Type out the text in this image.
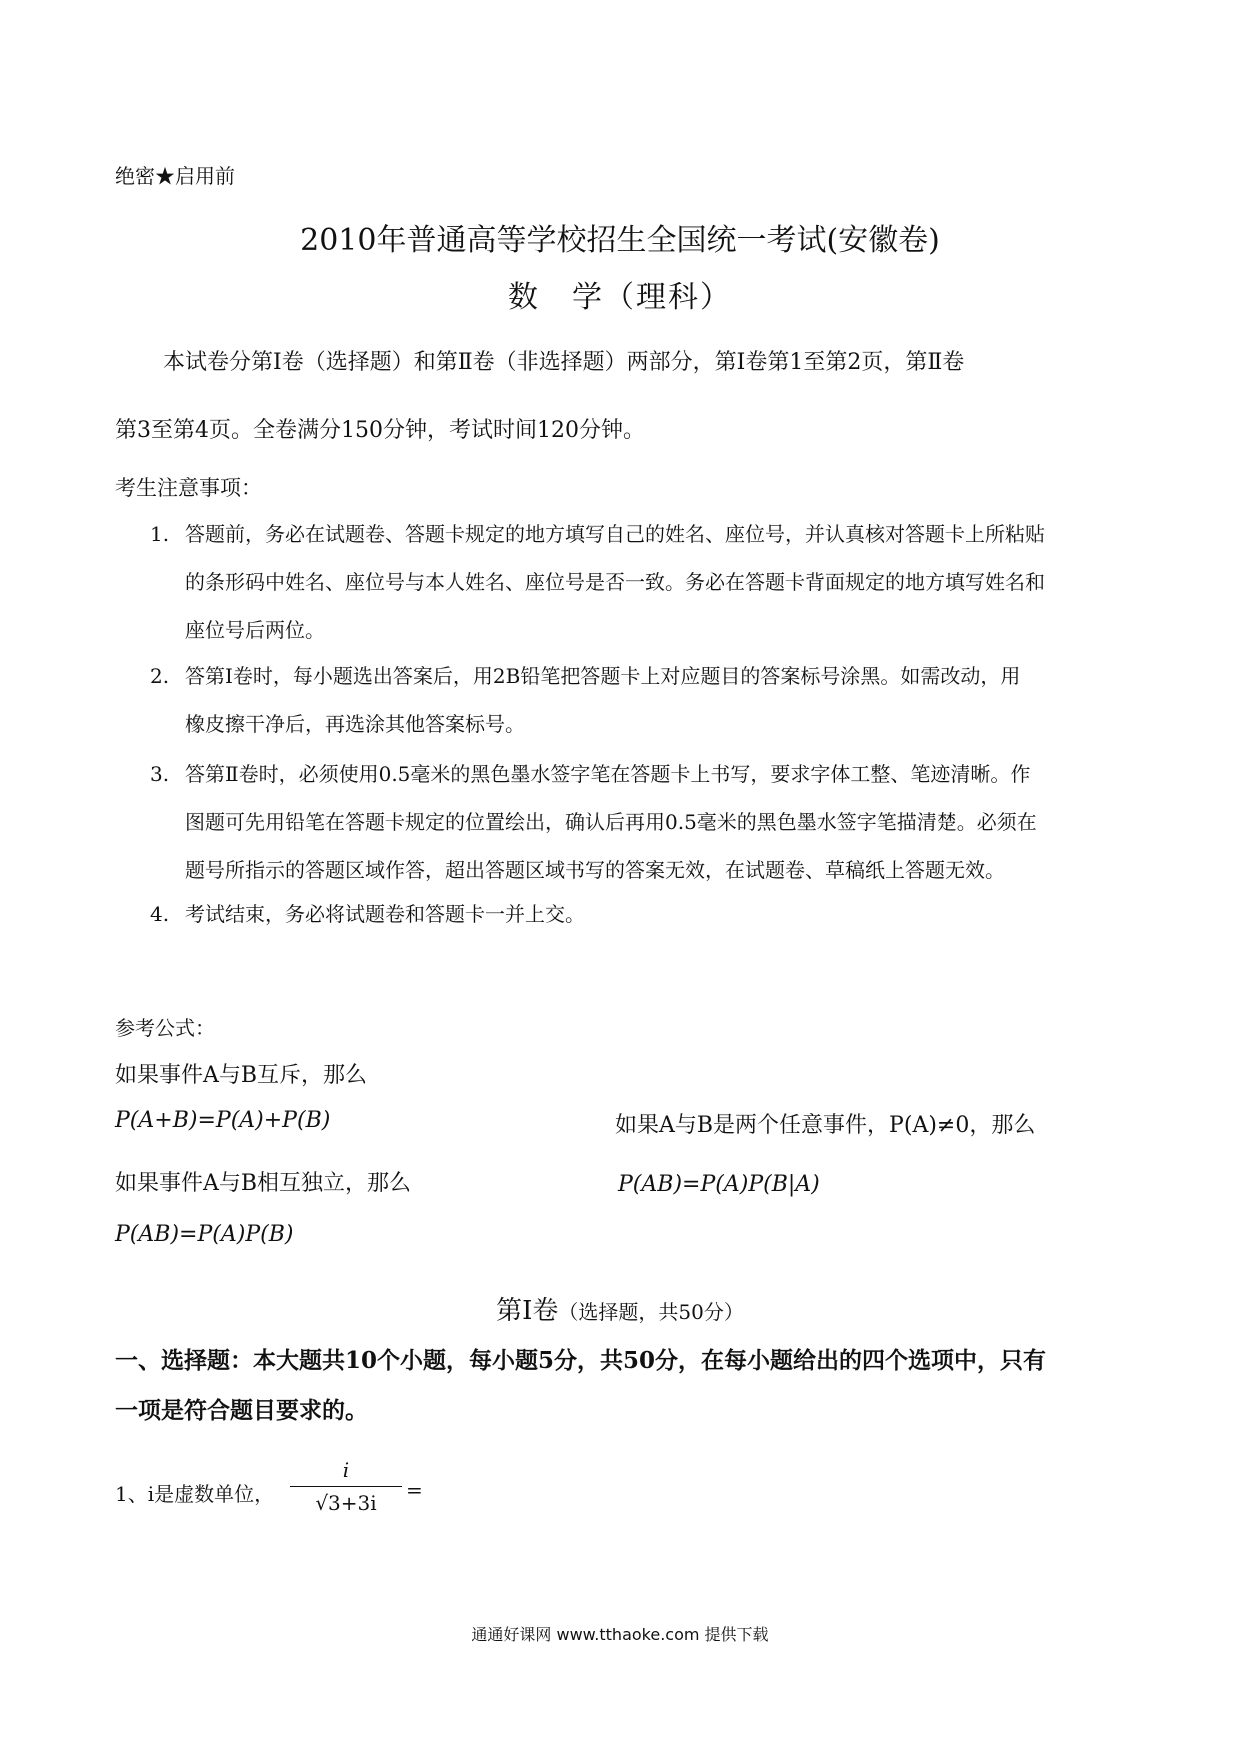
绝密★启用前
2010年普通高等学校招生全国统一考试(安徽卷)
数　学（理科）
本试卷分第Ⅰ卷（选择题）和第Ⅱ卷（非选择题）两部分，第Ⅰ卷第1至第2页，第Ⅱ卷
第3至第4页。全卷满分150分钟，考试时间120分钟。
考生注意事项：
1. 答题前，务必在试题卷、答题卡规定的地方填写自己的姓名、座位号，并认真核对答题卡上所粘贴
的条形码中姓名、座位号与本人姓名、座位号是否一致。务必在答题卡背面规定的地方填写姓名和
座位号后两位。
2. 答第Ⅰ卷时，每小题选出答案后，用2B铅笔把答题卡上对应题目的答案标号涂黑。如需改动，用
橡皮擦干净后，再选涂其他答案标号。
3. 答第Ⅱ卷时，必须使用0.5毫米的黑色墨水签字笔在答题卡上书写，要求字体工整、笔迹清晰。作
图题可先用铅笔在答题卡规定的位置绘出，确认后再用0.5毫米的黑色墨水签字笔描清楚。必须在
题号所指示的答题区域作答，超出答题区域书写的答案无效，在试题卷、草稿纸上答题无效。
4. 考试结束，务必将试题卷和答题卡一并上交。
参考公式：
如果事件A与B互斥，那么
P(A+B)=P(A)+P(B)	如果A与B是两个任意事件，P(A)≠0，那么
如果事件A与B相互独立，那么	P(AB)=P(A)P(B|A)
P(AB)=P(A)P(B)
第Ⅰ卷（选择题，共50分）
一、选择题：本大题共10个小题，每小题5分，共50分，在每小题给出的四个选项中，只有
一项是符合题目要求的。
1、i是虚数单位，
i
√3+3i
=
通通好课网 www.tthaoke.com 提供下载
